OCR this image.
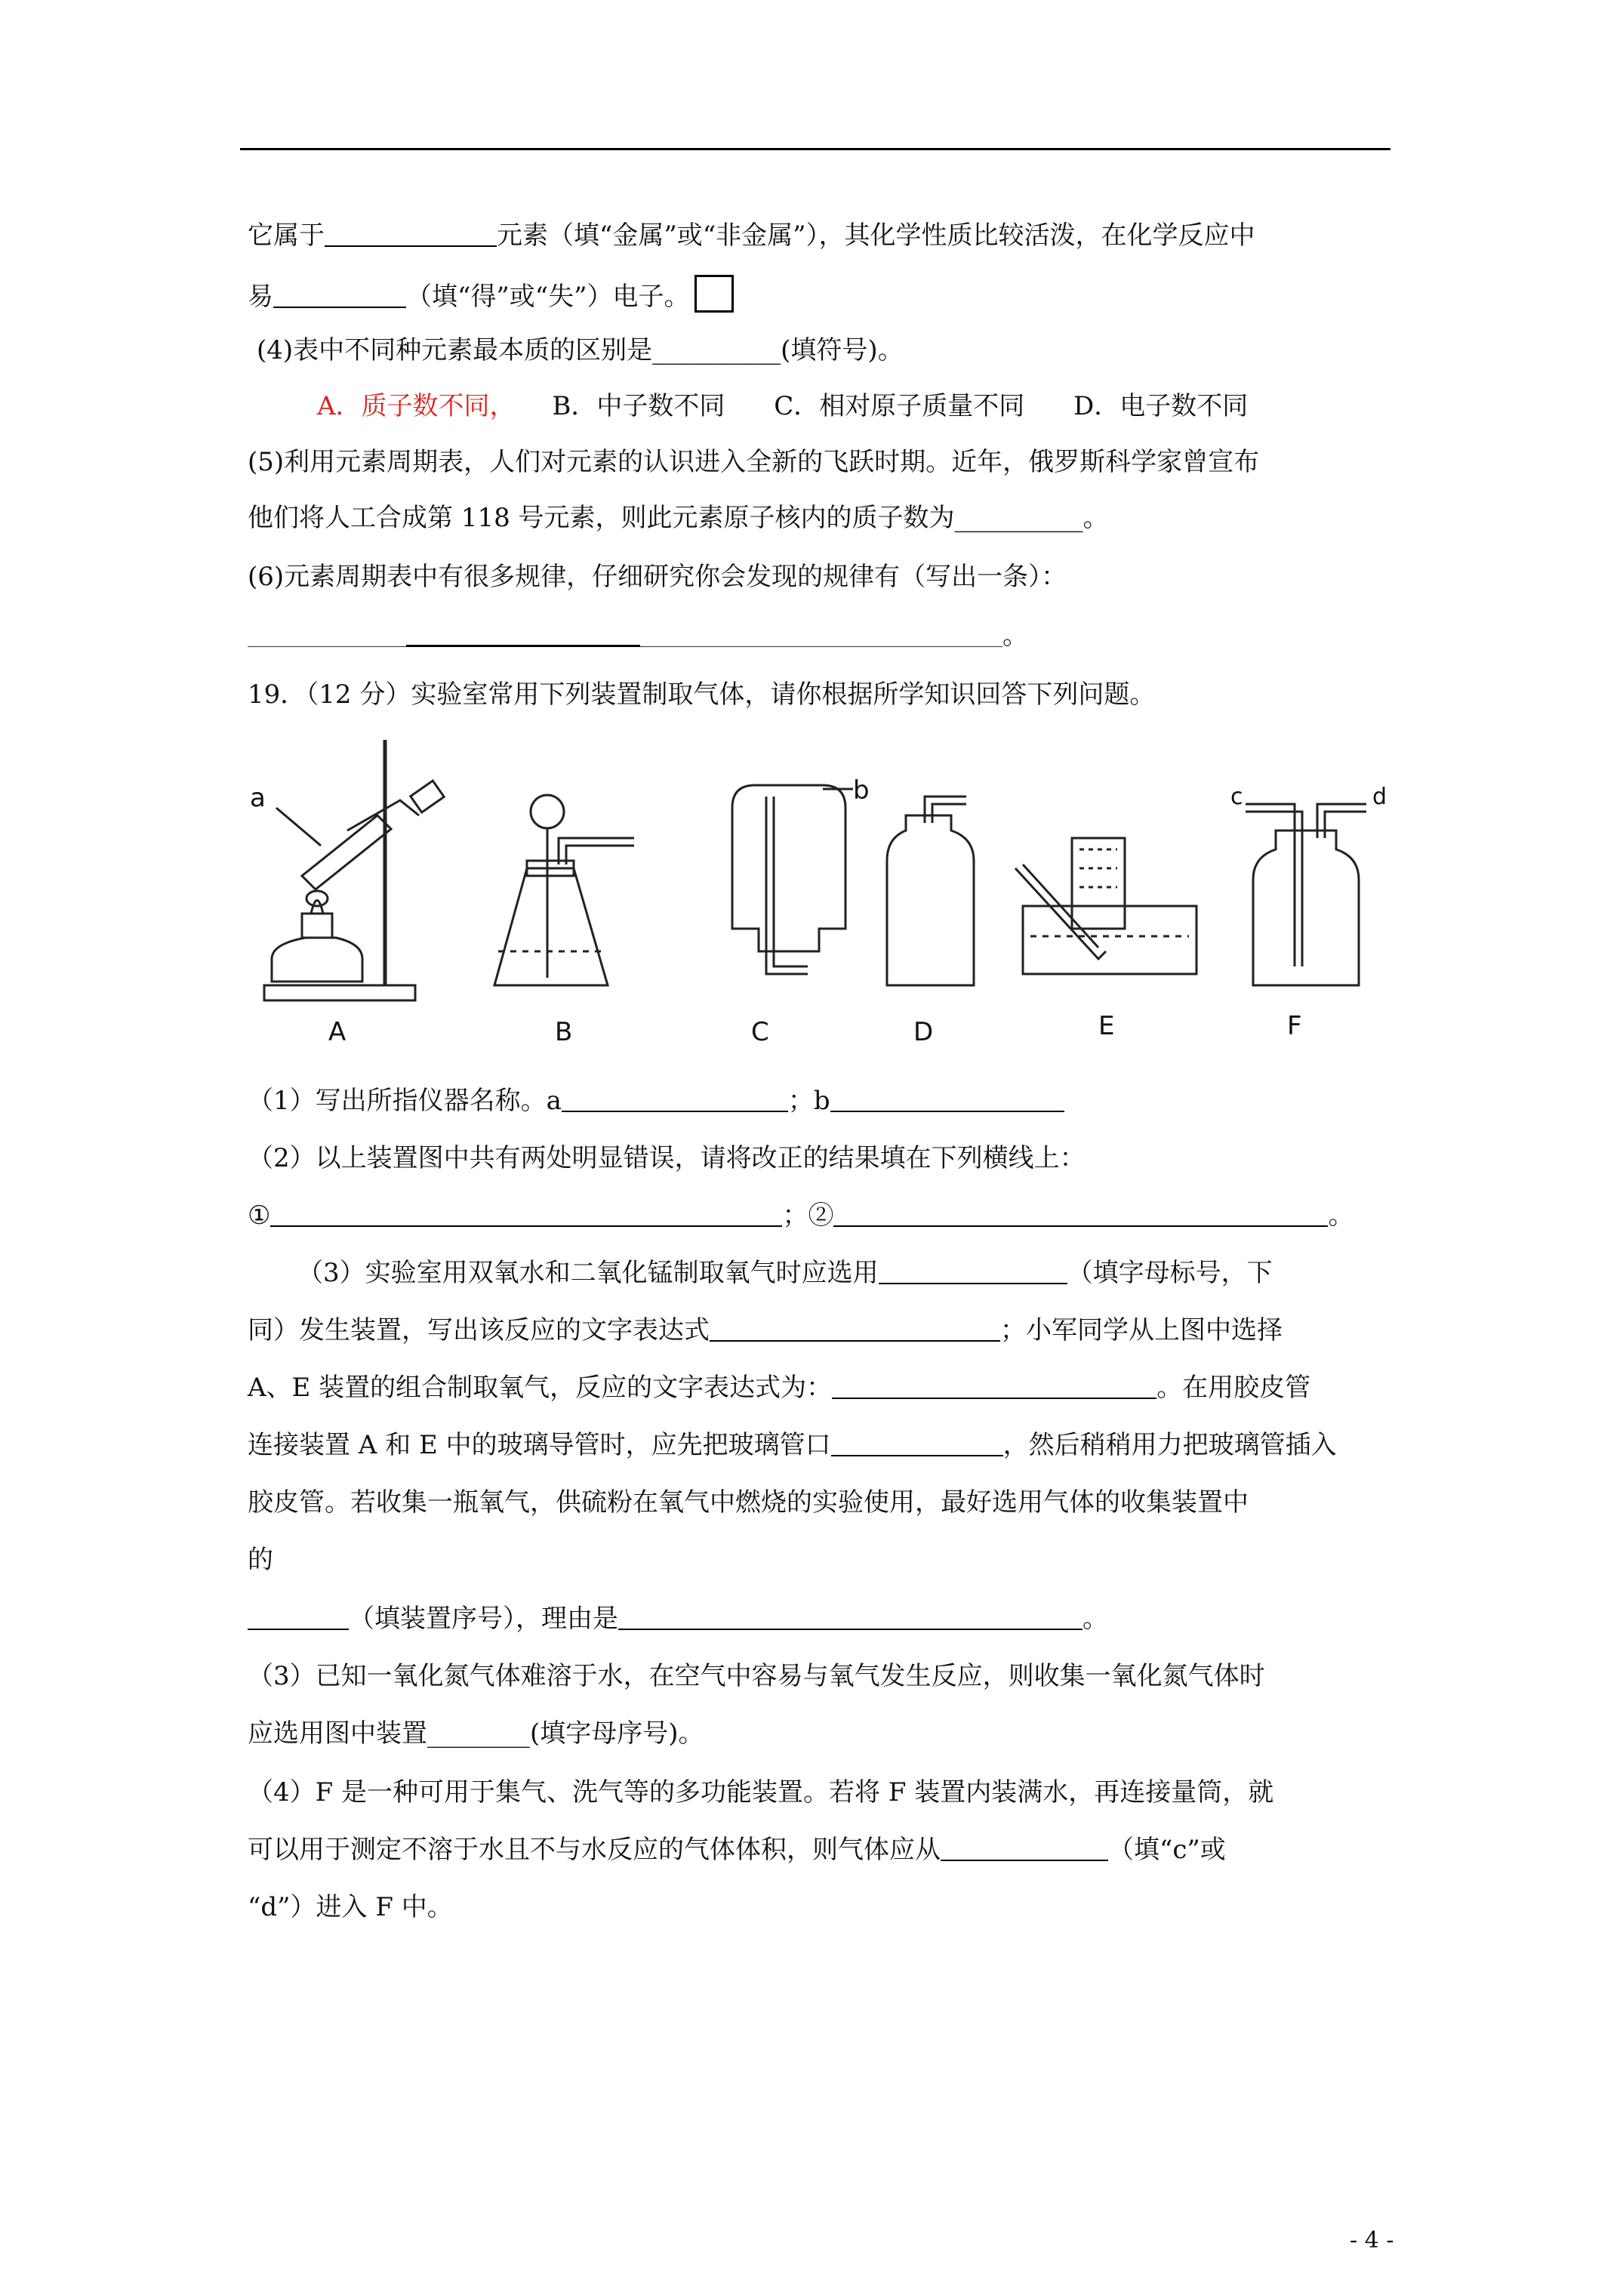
它属于	元素（填“金属”或“非金属”），其化学性质比较活泼，在化学反应中
易	（填“得”或“失”）电子。
(4)表中不同种元素最本质的区别是__________(填符号)。
A．质子数不同， B．中子数不同 C．相对原子质量不同 D．电子数不同
(5)利用元素周期表，人们对元素的认识进入全新的飞跃时期。近年，俄罗斯科学家曾宣布
他们将人工合成第 118 号元素，则此元素原子核内的质子数为__________。
(6)元素周期表中有很多规律，仔细研究你会发现的规律有（写出一条）：
。
19．（12 分）实验室常用下列装置制取气体，请你根据所学知识回答下列问题。
a	b	c	d
A	B	C	D	E	F
（1）写出所指仪器名称。a	；b
（2）以上装置图中共有两处明显错误，请将改正的结果填在下列横线上：
①	；②	。
（3）实验室用双氧水和二氧化锰制取氧气时应选用	（填字母标号，下
同）发生装置，写出该反应的文字表达式	；小军同学从上图中选择
A、E 装置的组合制取氧气，反应的文字表达式为：	。在用胶皮管
连接装置 A 和 E 中的玻璃导管时，应先把玻璃管口	，然后稍稍用力把玻璃管插入
胶皮管。若收集一瓶氧气，供硫粉在氧气中燃烧的实验使用，最好选用气体的收集装置中
的
（填装置序号），理由是	。
（3）已知一氧化氮气体难溶于水，在空气中容易与氧气发生反应，则收集一氧化氮气体时
应选用图中装置________(填字母序号)。
（4）F 是一种可用于集气、洗气等的多功能装置。若将 F 装置内装满水，再连接量筒，就
可以用于测定不溶于水且不与水反应的气体体积，则气体应从	（填“c”或
“d”）进入 F 中。
- 4 -
